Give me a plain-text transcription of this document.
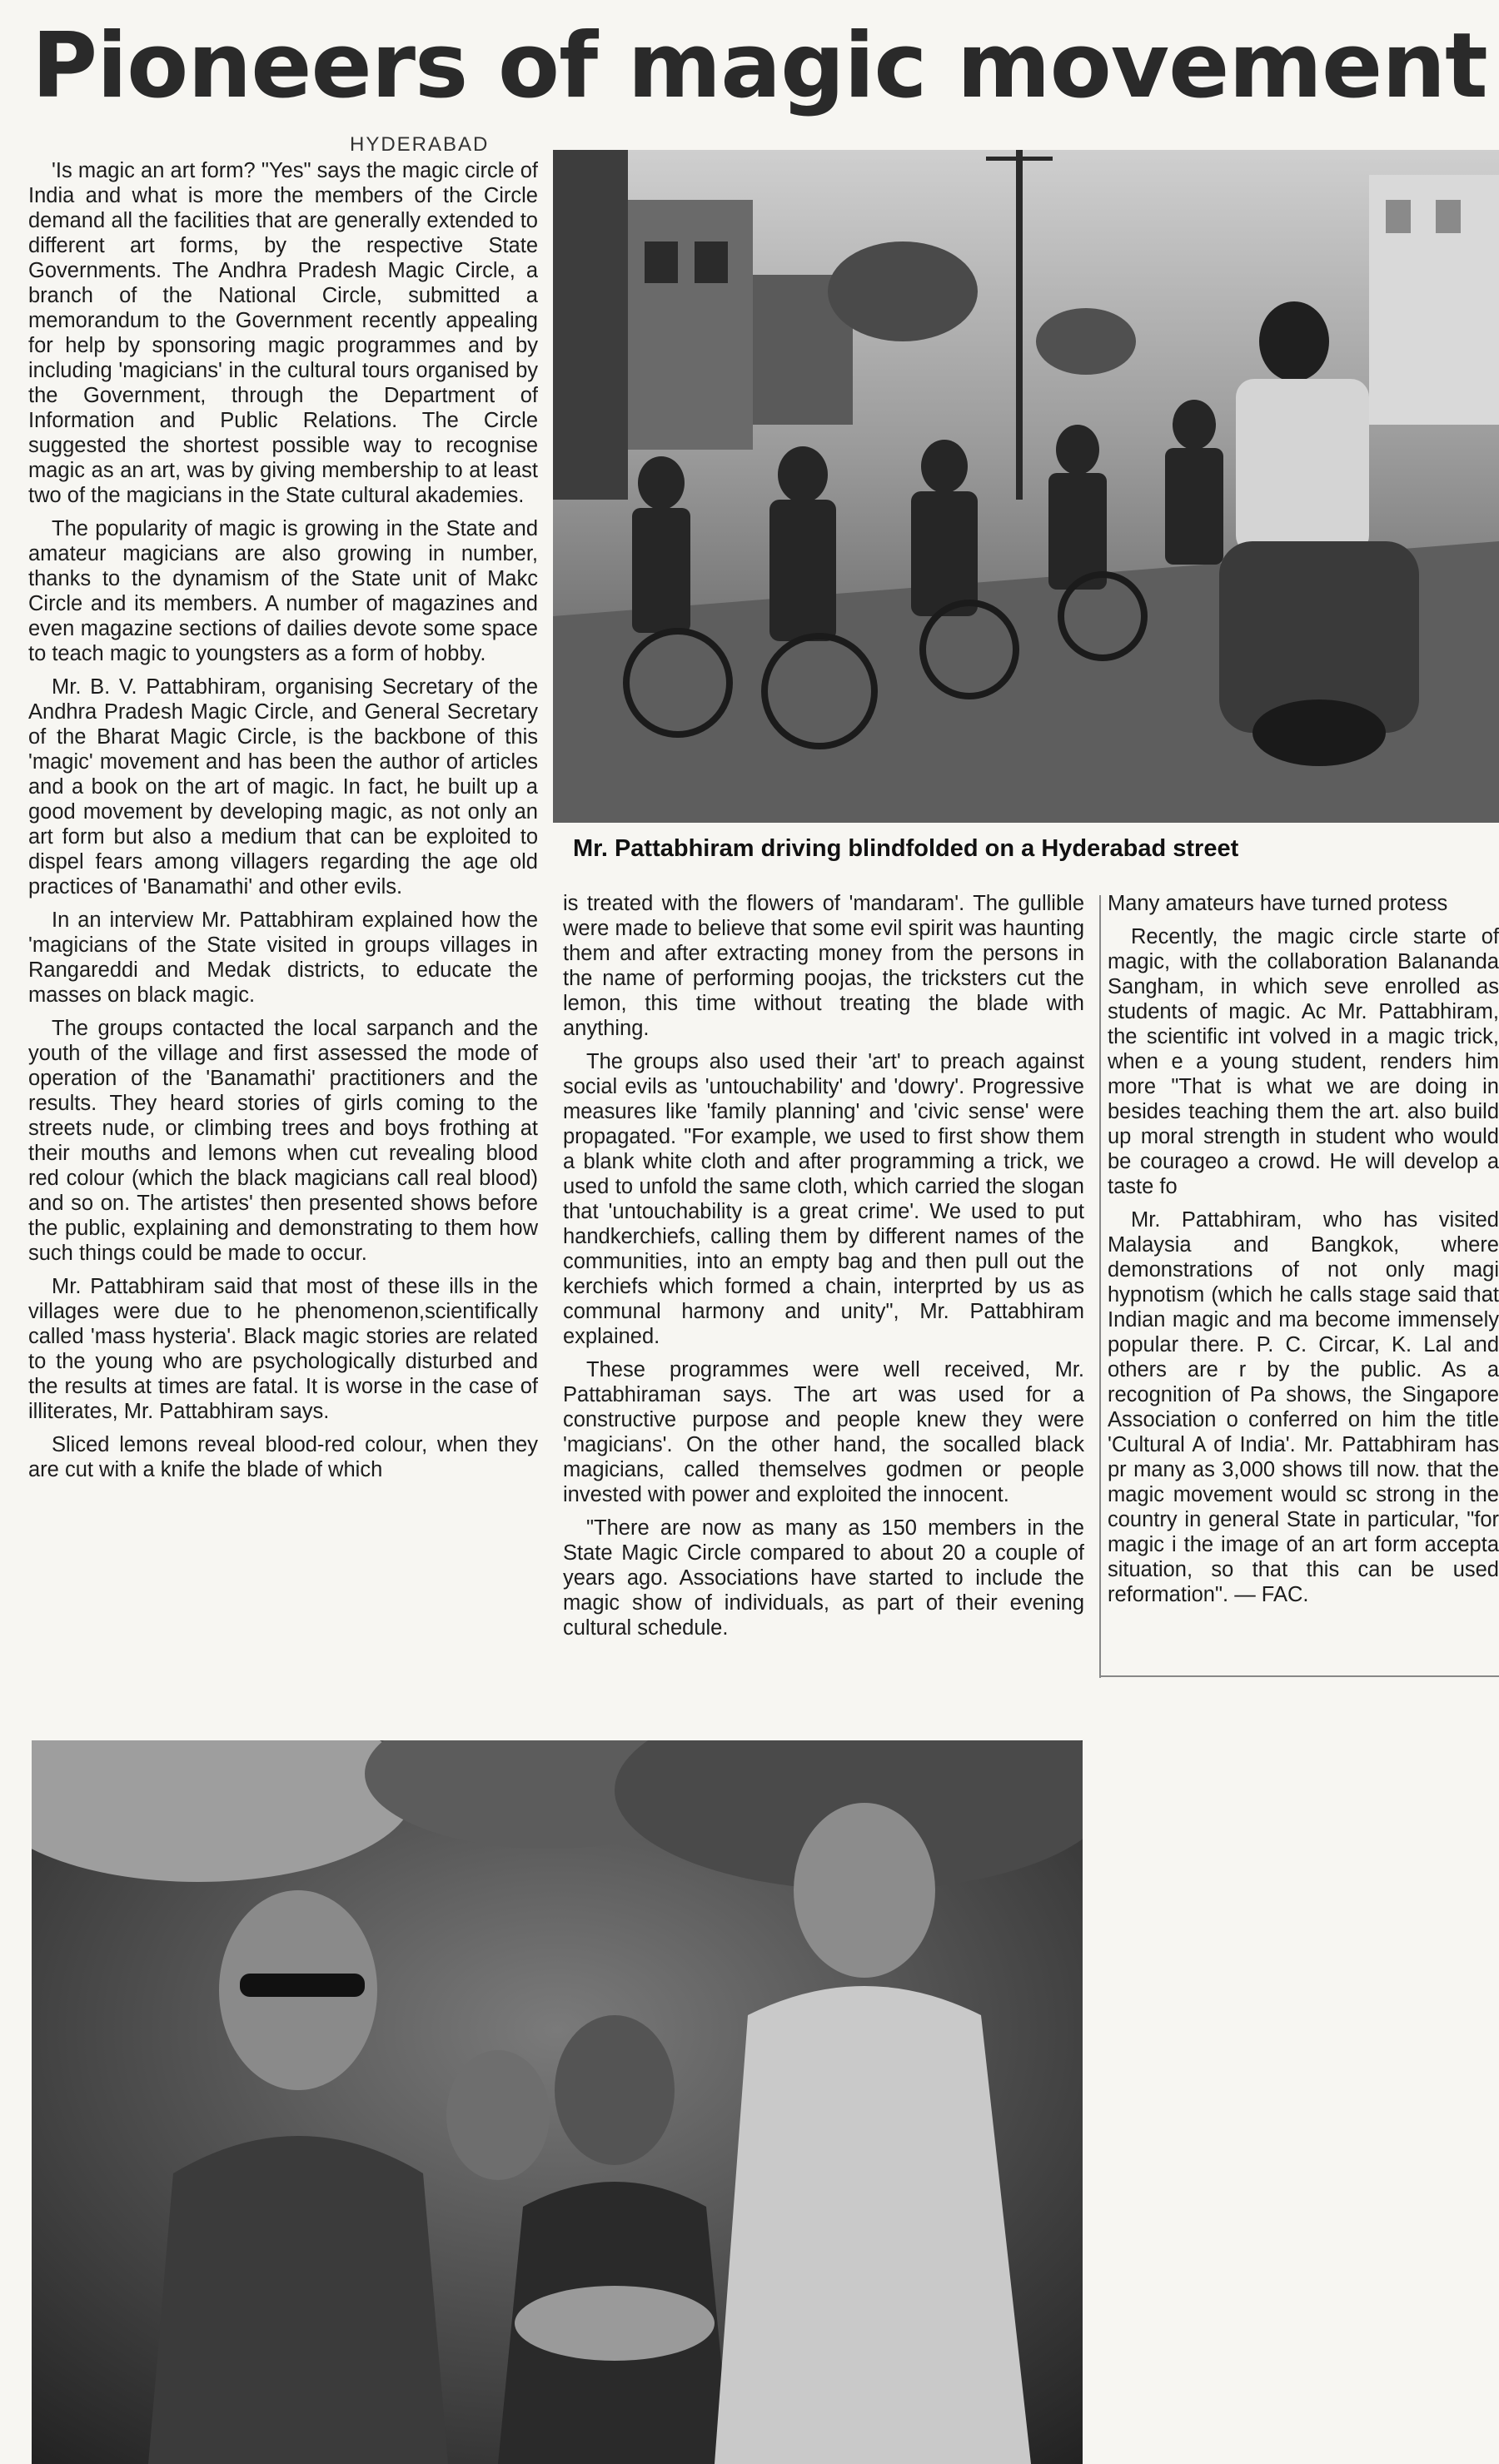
Pioneers of magic movement
HYDERABAD

'Is magic an art form? "Yes" says the magic circle of India and what is more the members of the Circle demand all the facilities that are generally extended to different art forms, by the respective State Governments. The Andhra Pradesh Magic Circle, a branch of the National Circle, submitted a memorandum to the Government recently appealing for help by sponsoring magic programmes and by including 'magicians' in the cultural tours organised by the Government, through the Department of Information and Public Relations. The Circle suggested the shortest possible way to recognise magic as an art, was by giving membership to at least two of the magicians in the State cultural akademies.

The popularity of magic is growing in the State and amateur magicians are also growing in number, thanks to the dynamism of the State unit of Makc Circle and its members. A number of magazines and even magazine sections of dailies devote some space to teach magic to youngsters as a form of hobby.

Mr. B. V. Pattabhiram, organising Secretary of the Andhra Pradesh Magic Circle, and General Secretary of the Bharat Magic Circle, is the backbone of this 'magic' movement and has been the author of articles and a book on the art of magic. In fact, he built up a good movement by developing magic, as not only an art form but also a medium that can be exploited to dispel fears among villagers regarding the age old practices of 'Banamathi' and other evils.

In an interview Mr. Pattabhiram explained how the 'magicians of the State visited in groups villages in Rangareddi and Medak districts, to educate the masses on black magic.

The groups contacted the local sarpanch and the youth of the village and first assessed the mode of operation of the 'Banamathi' practitioners and the results. They heard stories of girls coming to the streets nude, or climbing trees and boys frothing at their mouths and lemons when cut revealing blood red colour (which the black magicians call real blood) and so on. The artistes' then presented shows before the public, explaining and demonstrating to them how such things could be made to occur.

Mr. Pattabhiram said that most of these ills in the villages were due to he phenomenon,scientifically called 'mass hysteria'. Black magic stories are related to the young who are psychologically disturbed and the results at times are fatal. It is worse in the case of illiterates, Mr. Pattabhiram says.

Sliced lemons reveal blood-red colour, when they are cut with a knife the blade of which

Mr. Pattabhiram driving blindfolded on a Hyderabad street

is treated with the flowers of 'mandaram'. The gullible were made to believe that some evil spirit was haunting them and after extracting money from the persons in the name of performing poojas, the tricksters cut the lemon, this time without treating the blade with anything.

The groups also used their 'art' to preach against social evils as 'untouchability' and 'dowry'. Progressive measures like 'family planning' and 'civic sense' were propagated. "For example, we used to first show them a blank white cloth and after programming a trick, we used to unfold the same cloth, which carried the slogan that 'untouchability is a great crime'. We used to put handkerchiefs, calling them by different names of the communities, into an empty bag and then pull out the kerchiefs which formed a chain, interprted by us as communal harmony and unity", Mr. Pattabhiram explained.

These programmes were well received, Mr. Pattabhiraman says. The art was used for a constructive purpose and people knew they were 'magicians'. On the other hand, the socalled black magicians, called themselves godmen or people invested with power and exploited the innocent.

"There are now as many as 150 members in the State Magic Circle compared to about 20 a couple of years ago. Associations have started to include the magic show of individuals, as part of their evening cultural schedule.

Many amateurs have turned protess

Recently, the magic circle starte of magic, with the collaboration Balananda Sangham, in which seve enrolled as students of magic. Ac Mr. Pattabhiram, the scientific int volved in a magic trick, when e a young student, renders him more "That is what we are doing in besides teaching them the art. also build up moral strength in student who would be courageo a crowd. He will develop a taste fo

Mr. Pattabhiram, who has visited Malaysia and Bangkok, where demonstrations of not only magi hypnotism (which he calls stage said that Indian magic and ma become immensely popular there. P. C. Circar, K. Lal and others are r by the public. As a recognition of Pa shows, the Singapore Association o conferred on him the title 'Cultural A of India'. Mr. Pattabhiram has pr many as 3,000 shows till now. that the magic movement would sc strong in the country in general State in particular, "for magic i the image of an art form accepta situation, so that this can be used reformation". — FAC.
